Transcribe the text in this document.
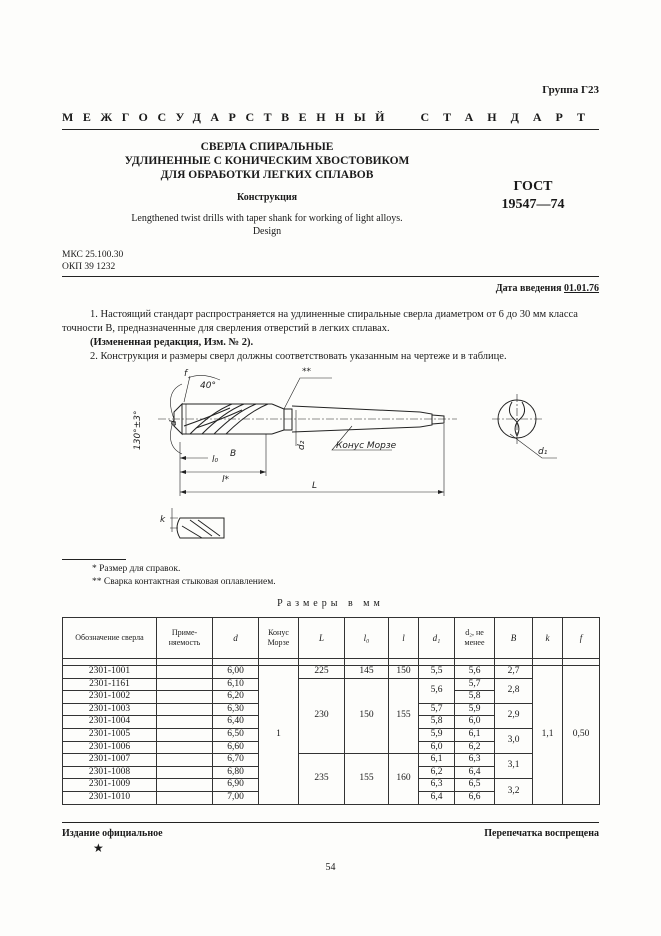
Группа Г23
МЕЖГОСУДАРСТВЕННЫЙ СТАНДАРТ
СВЕРЛА СПИРАЛЬНЫЕ
УДЛИНЕННЫЕ С КОНИЧЕСКИМ ХВОСТОВИКОМ
ДЛЯ ОБРАБОТКИ ЛЕГКИХ СПЛАВОВ
Конструкция
Lengthened twist drills with taper shank for working of light alloys.
Design
ГОСТ
19547—74
МКС 25.100.30
ОКП 39 1232
Дата введения 01.01.76
1. Настоящий стандарт распространяется на удлиненные спиральные сверла диаметром от 6 до 30 мм класса точности В, предназначенные для сверления отверстий в легких сплавах.
(Измененная редакция, Изм. № 2).
2. Конструкция и размеры сверл должны соответствовать указанным на чертеже и в таблице.
40°
130°±3°
f
d
l₀
B
l*
L
d₂	Конус Морзе
**
d₁
k
* Размер для справок.
** Сварка контактная стыковая оплавлением.
Размеры в мм
Обозначение сверла	Приме- няемость	d	Конус Морзе	L	l₀	l	d₁	d₂, не менее	B	k	f

2301-1001		6,00	1	225	145	150	5,5	5,6	2,7	1,1	0,50
2301-1161		6,10		230	150	155	5,6	5,7	2,8		
2301-1002		6,20						5,8			
2301-1003		6,30					5,7	5,9	2,9		
2301-1004		6,40					5,8	6,0			
2301-1005		6,50					5,9	6,1	3,0		
2301-1006		6,60					6,0	6,2			
2301-1007		6,70		235	155	160	6,1	6,3	3,1		
2301-1008		6,80					6,2	6,4			
2301-1009		6,90					6,3	6,5	3,2		
2301-1010		7,00					6,4	6,6			
Издание официальное	Перепечатка воспрещена
★
54
